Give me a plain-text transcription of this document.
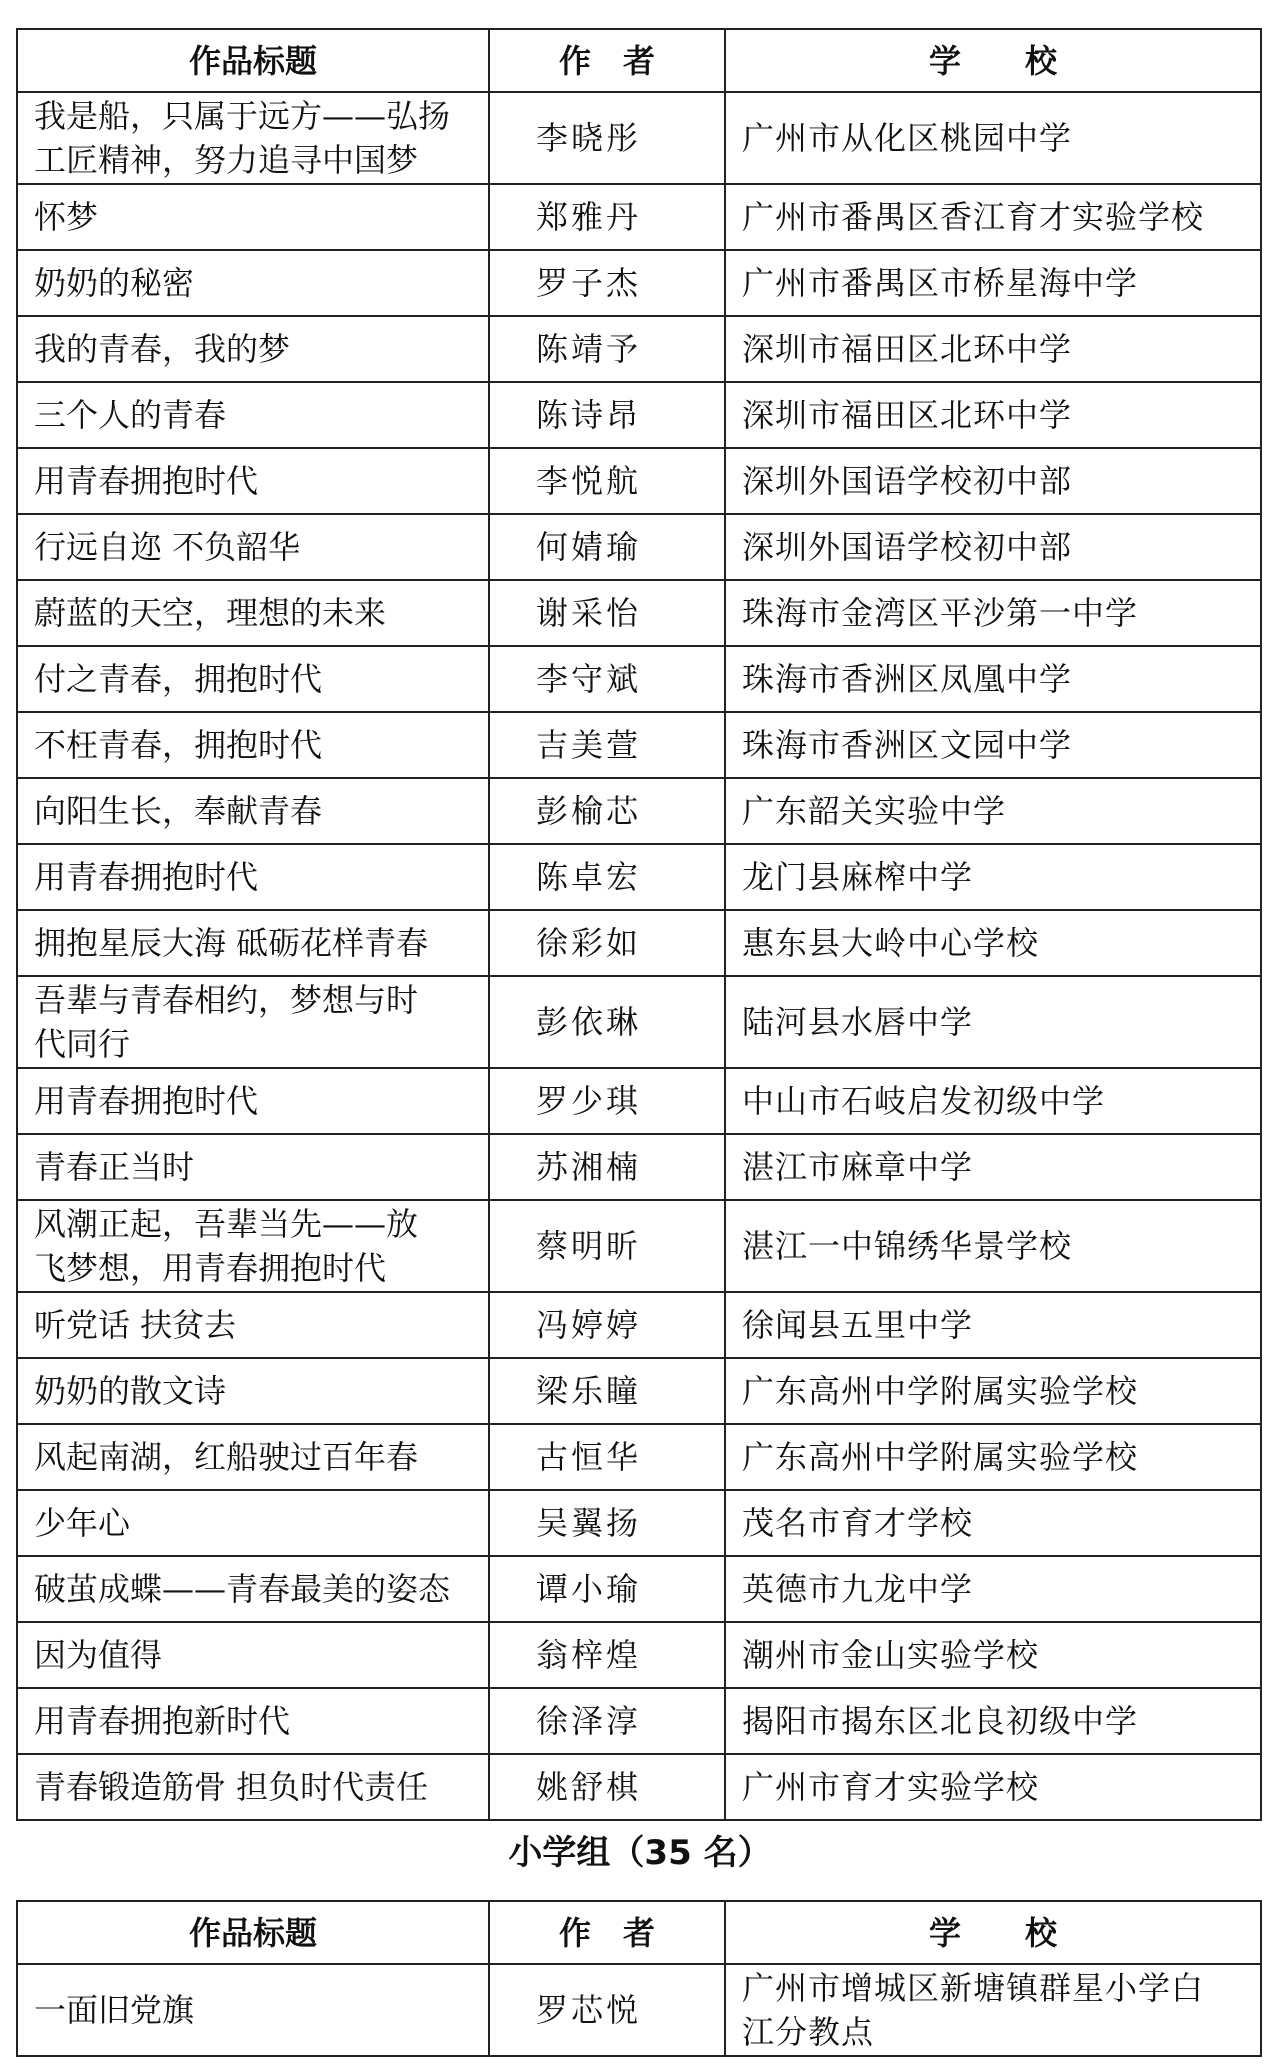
作品标题	作　者	学　　校

我是船，只属于远方——弘扬
工匠精神，努力追寻中国梦	李晓彤	广州市从化区桃园中学
怀梦	郑雅丹	广州市番禺区香江育才实验学校
奶奶的秘密	罗子杰	广州市番禺区市桥星海中学
我的青春，我的梦	陈靖予	深圳市福田区北环中学
三个人的青春	陈诗昂	深圳市福田区北环中学
用青春拥抱时代	李悦航	深圳外国语学校初中部
行远自迩 不负韶华	何婧瑜	深圳外国语学校初中部
蔚蓝的天空，理想的未来	谢采怡	珠海市金湾区平沙第一中学
付之青春，拥抱时代	李守斌	珠海市香洲区凤凰中学
不枉青春，拥抱时代	吉美萱	珠海市香洲区文园中学
向阳生长，奉献青春	彭榆芯	广东韶关实验中学
用青春拥抱时代	陈卓宏	龙门县麻榨中学
拥抱星辰大海 砥砺花样青春	徐彩如	惠东县大岭中心学校

吾辈与青春相约，梦想与时
代同行	彭依琳	陆河县水唇中学
用青春拥抱时代	罗少琪	中山市石岐启发初级中学
青春正当时	苏湘楠	湛江市麻章中学

风潮正起，吾辈当先——放
飞梦想，用青春拥抱时代	蔡明昕	湛江一中锦绣华景学校
听党话 扶贫去	冯婷婷	徐闻县五里中学
奶奶的散文诗	梁乐瞳	广东高州中学附属实验学校
风起南湖，红船驶过百年春	古恒华	广东高州中学附属实验学校
少年心	吴翼扬	茂名市育才学校
破茧成蝶——青春最美的姿态	谭小瑜	英德市九龙中学
因为值得	翁梓煌	潮州市金山实验学校
用青春拥抱新时代	徐泽淳	揭阳市揭东区北良初级中学
青春锻造筋骨 担负时代责任	姚舒棋	广州市育才实验学校
小学组（35 名）
作品标题	作　者	学　　校
一面旧党旗	罗芯悦	广州市增城区新塘镇群星小学白
江分教点
